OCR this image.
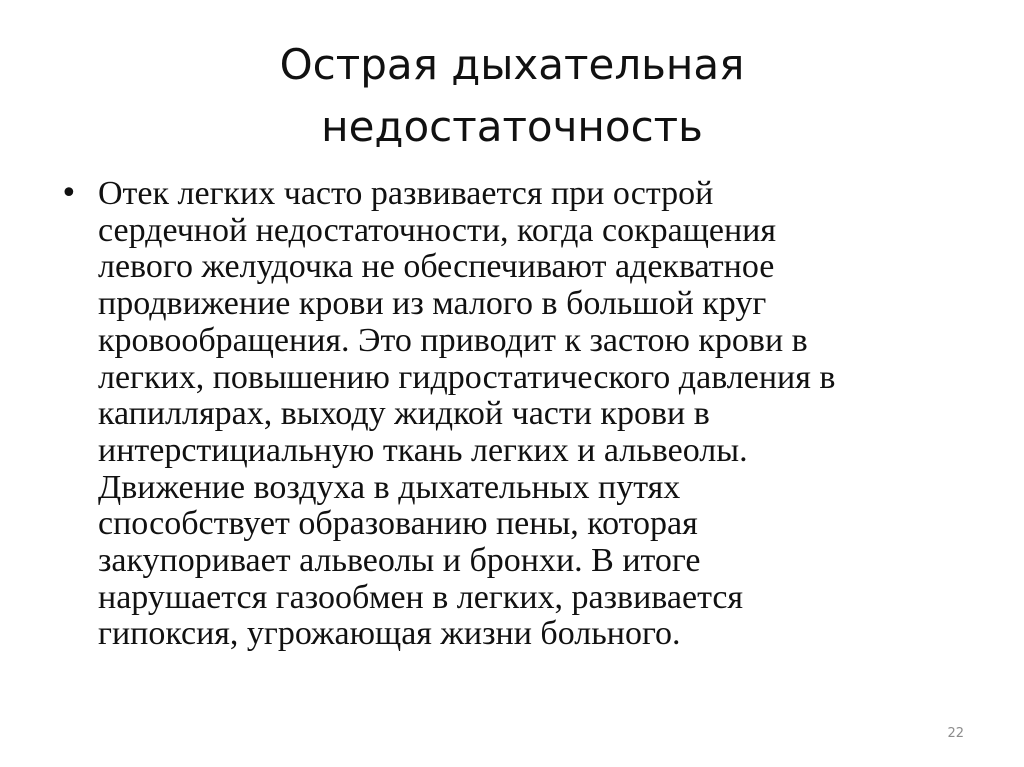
Острая дыхательная
недостаточность
• Отек легких часто развивается при острой
сердечной недостаточности, когда сокращения
левого желудочка не обеспечивают адекватное
продвижение крови из малого в большой круг
кровообращения. Это приводит к застою крови в
легких, повышению гидростатического давления в
капиллярах, выходу жидкой части крови в
интерстициальную ткань легких и альвеолы.
Движение воздуха в дыхательных путях
способствует образованию пены, которая
закупоривает альвеолы и бронхи. В итоге
нарушается газообмен в легких, развивается
гипоксия, угрожающая жизни больного.
22
